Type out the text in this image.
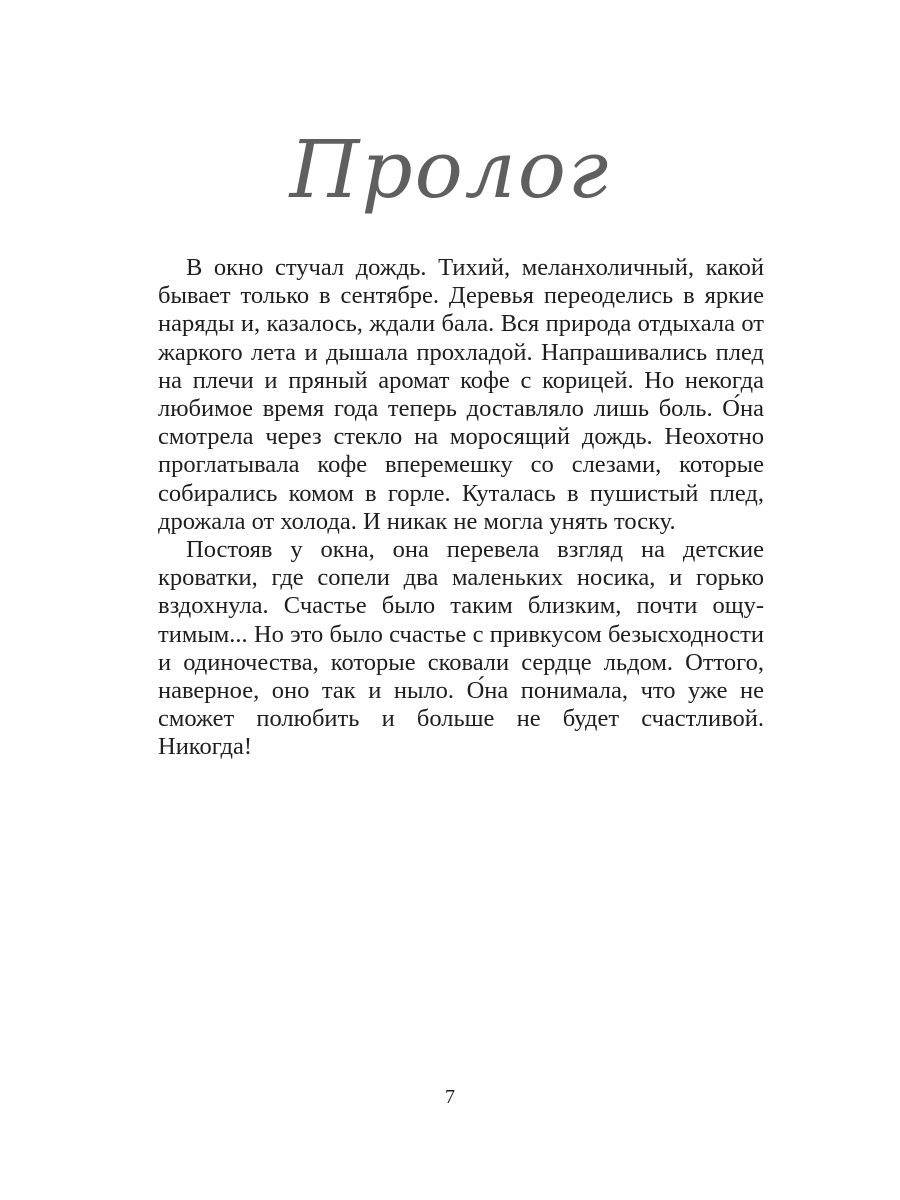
Пролог

В окно стучал дождь. Тихий, меланхоличный, какой бывает только в сентябре. Деревья переоделись в яркие наряды и, казалось, ждали бала. Вся природа отдыхала от жаркого лета и дышала прохладой. Напрашивались плед на плечи и пряный аромат кофе с корицей. Но некогда любимое время года теперь доставляло лишь боль. О́на смотрела через стекло на моросящий дождь. Неохотно проглатывала кофе вперемешку со слезами, которые собирались комом в горле. Куталась в пушистый плед, дрожала от холода. И никак не могла унять тоску.

Постояв у окна, она перевела взгляд на детские кроватки, где сопели два маленьких носика, и горько вздохнула. Счастье было таким близким, почти ощутимым... Но это было счастье с привкусом безысходности и одиночества, которые сковали сердце льдом. Оттого, наверное, оно так и ныло. О́на понимала, что уже не сможет полюбить и больше не будет счастливой. Никогда!

7
